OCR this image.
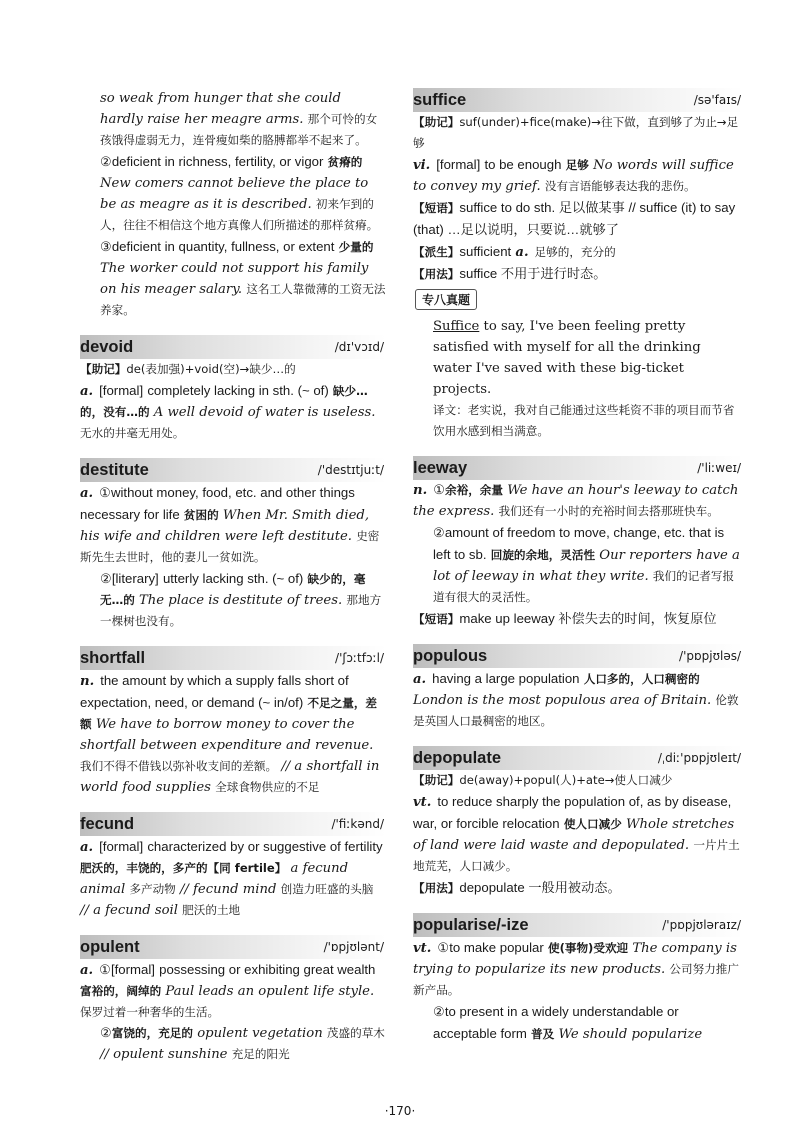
so weak from hunger that she could hardly raise her meagre arms. 那个可怜的女孩饿得虚弱无力，连骨瘦如柴的胳膊都举不起来了。

②deficient in richness, fertility, or vigor 贫瘠的 New comers cannot believe the place to be as meagre as it is described. 初来乍到的人，往往不相信这个地方真像人们所描述的那样贫瘠。

③deficient in quantity, fullness, or extent 少量的 The worker could not support his family on his meager salary. 这名工人靠微薄的工资无法养家。

devoid	/dɪ'vɔɪd/

【助记】de(表加强)+void(空)→缺少…的

a. [formal] completely lacking in sth. (~ of) 缺少…的，没有…的 A well devoid of water is useless. 无水的井毫无用处。

destitute	/'destɪtjuːt/

a. ①without money, food, etc. and other things necessary for life 贫困的 When Mr. Smith died, his wife and children were left destitute. 史密斯先生去世时，他的妻儿一贫如洗。

②[literary] utterly lacking sth. (~ of) 缺少的，毫无…的 The place is destitute of trees. 那地方一棵树也没有。

shortfall	/'ʃɔːtfɔːl/

n. the amount by which a supply falls short of expectation, need, or demand (~ in/of) 不足之量，差额 We have to borrow money to cover the shortfall between expenditure and revenue. 我们不得不借钱以弥补收支间的差额。 // a shortfall in world food supplies 全球食物供应的不足

fecund	/'fiːkənd/

a. [formal] characterized by or suggestive of fertility 肥沃的，丰饶的，多产的【同 fertile】 a fecund animal 多产动物 // fecund mind 创造力旺盛的头脑 // a fecund soil 肥沃的土地

opulent	/'ɒpjʊlənt/

a. ①[formal] possessing or exhibiting great wealth 富裕的，阔绰的 Paul leads an opulent life style. 保罗过着一种奢华的生活。

②富饶的，充足的 opulent vegetation 茂盛的草木 // opulent sunshine 充足的阳光

suffice	/sə'faɪs/

【助记】suf(under)+fice(make)→往下做，直到够了为止→足够

vi. [formal] to be enough 足够 No words will suffice to convey my grief. 没有言语能够表达我的悲伤。

【短语】suffice to do sth. 足以做某事 // suffice (it) to say (that) …足以说明，只要说…就够了

【派生】sufficient a. 足够的，充分的

【用法】suffice 不用于进行时态。

专八真题

Suffice to say, I've been feeling pretty satisfied with myself for all the drinking water I've saved with these big-ticket projects.

译文：老实说，我对自己能通过这些耗资不菲的项目而节省饮用水感到相当满意。

leeway	/'liːweɪ/

n. ①余裕，余量 We have an hour's leeway to catch the express. 我们还有一小时的充裕时间去搭那班快车。

②amount of freedom to move, change, etc. that is left to sb. 回旋的余地，灵活性 Our reporters have a lot of leeway in what they write. 我们的记者写报道有很大的灵活性。

【短语】make up leeway 补偿失去的时间，恢复原位

populous	/'pɒpjʊləs/

a. having a large population 人口多的，人口稠密的 London is the most populous area of Britain. 伦敦是英国人口最稠密的地区。

depopulate	/ˌdiː'pɒpjʊleɪt/

【助记】de(away)+popul(人)+ate→使人口减少

vt. to reduce sharply the population of, as by disease, war, or forcible relocation 使人口减少 Whole stretches of land were laid waste and depopulated. 一片片土地荒芜，人口减少。

【用法】depopulate 一般用被动态。

popularise/-ize	/'pɒpjʊləraɪz/

vt. ①to make popular 使(事物)受欢迎 The company is trying to popularize its new products. 公司努力推广新产品。

②to present in a widely understandable or acceptable form 普及 We should popularize

·170·
